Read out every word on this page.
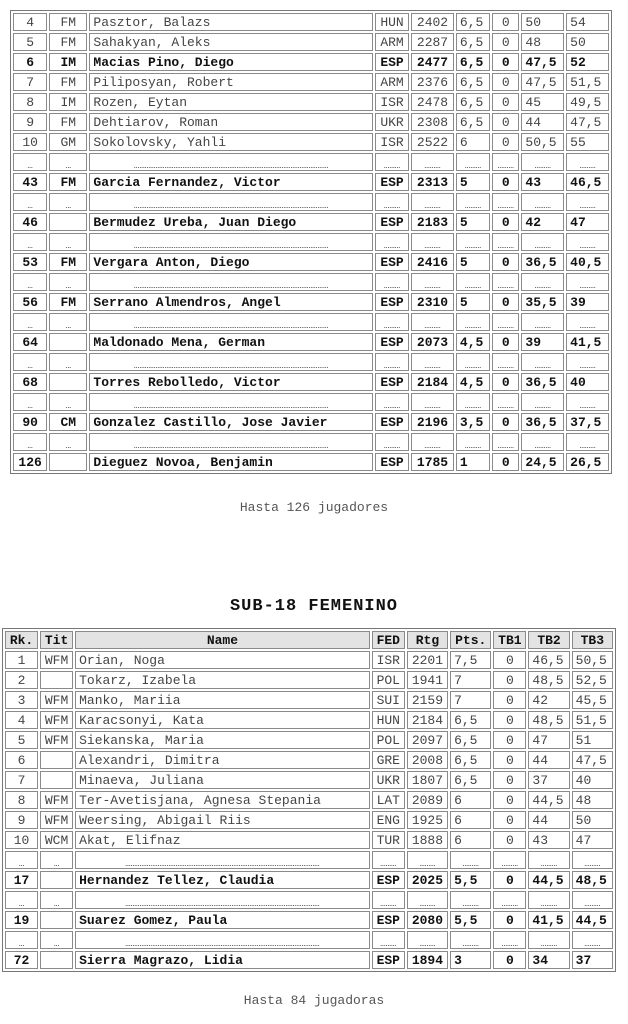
4	FM	Pasztor, Balazs	HUN	2402	6,5	0	50	54
5	FM	Sahakyan, Aleks	ARM	2287	6,5	0	48	50
6	IM	Macias Pino, Diego	ESP	2477	6,5	0	47,5	52
7	FM	Piliposyan, Robert	ARM	2376	6,5	0	47,5	51,5
8	IM	Rozen, Eytan	ISR	2478	6,5	0	45	49,5
9	FM	Dehtiarov, Roman	UKR	2308	6,5	0	44	47,5
10	GM	Sokolovsky, Yahli	ISR	2522	6	0	50,5	55
…	…	………………………………………………………………………………………………	………	………	………	………	………	………
43	FM	Garcia Fernandez, Victor	ESP	2313	5	0	43	46,5
…	…	………………………………………………………………………………………………	………	………	………	………	………	………
46		Bermudez Ureba, Juan Diego	ESP	2183	5	0	42	47
…	…	………………………………………………………………………………………………	………	………	………	………	………	………
53	FM	Vergara Anton, Diego	ESP	2416	5	0	36,5	40,5
…	…	………………………………………………………………………………………………	………	………	………	………	………	………
56	FM	Serrano Almendros, Angel	ESP	2310	5	0	35,5	39
…	…	………………………………………………………………………………………………	………	………	………	………	………	………
64		Maldonado Mena, German	ESP	2073	4,5	0	39	41,5
…	…	………………………………………………………………………………………………	………	………	………	………	………	………
68		Torres Rebolledo, Victor	ESP	2184	4,5	0	36,5	40
…	…	………………………………………………………………………………………………	………	………	………	………	………	………
90	CM	Gonzalez Castillo, Jose Javier	ESP	2196	3,5	0	36,5	37,5
…	…	………………………………………………………………………………………………	………	………	………	………	………	………
126		Dieguez Novoa, Benjamin	ESP	1785	1	0	24,5	26,5
Hasta 126 jugadores
SUB-18 FEMENINO
Rk.	Tit	Name	FED	Rtg	Pts.	TB1	TB2	TB3
1	WFM	Orian, Noga	ISR	2201	7,5	0	46,5	50,5
2		Tokarz, Izabela	POL	1941	7	0	48,5	52,5
3	WFM	Manko, Mariia	SUI	2159	7	0	42	45,5
4	WFM	Karacsonyi, Kata	HUN	2184	6,5	0	48,5	51,5
5	WFM	Siekanska, Maria	POL	2097	6,5	0	47	51
6		Alexandri, Dimitra	GRE	2008	6,5	0	44	47,5
7		Minaeva, Juliana	UKR	1807	6,5	0	37	40
8	WFM	Ter-Avetisjana, Agnesa Stepania	LAT	2089	6	0	44,5	48
9	WFM	Weersing, Abigail Riis	ENG	1925	6	0	44	50
10	WCM	Akat, Elifnaz	TUR	1888	6	0	43	47
…	…	………………………………………………………………………………………………	………	………	………	………	………	………
17		Hernandez Tellez, Claudia	ESP	2025	5,5	0	44,5	48,5
…	…	………………………………………………………………………………………………	………	………	………	………	………	………
19		Suarez Gomez, Paula	ESP	2080	5,5	0	41,5	44,5
…	…	………………………………………………………………………………………………	………	………	………	………	………	………
72		Sierra Magrazo, Lidia	ESP	1894	3	0	34	37
Hasta 84 jugadoras
